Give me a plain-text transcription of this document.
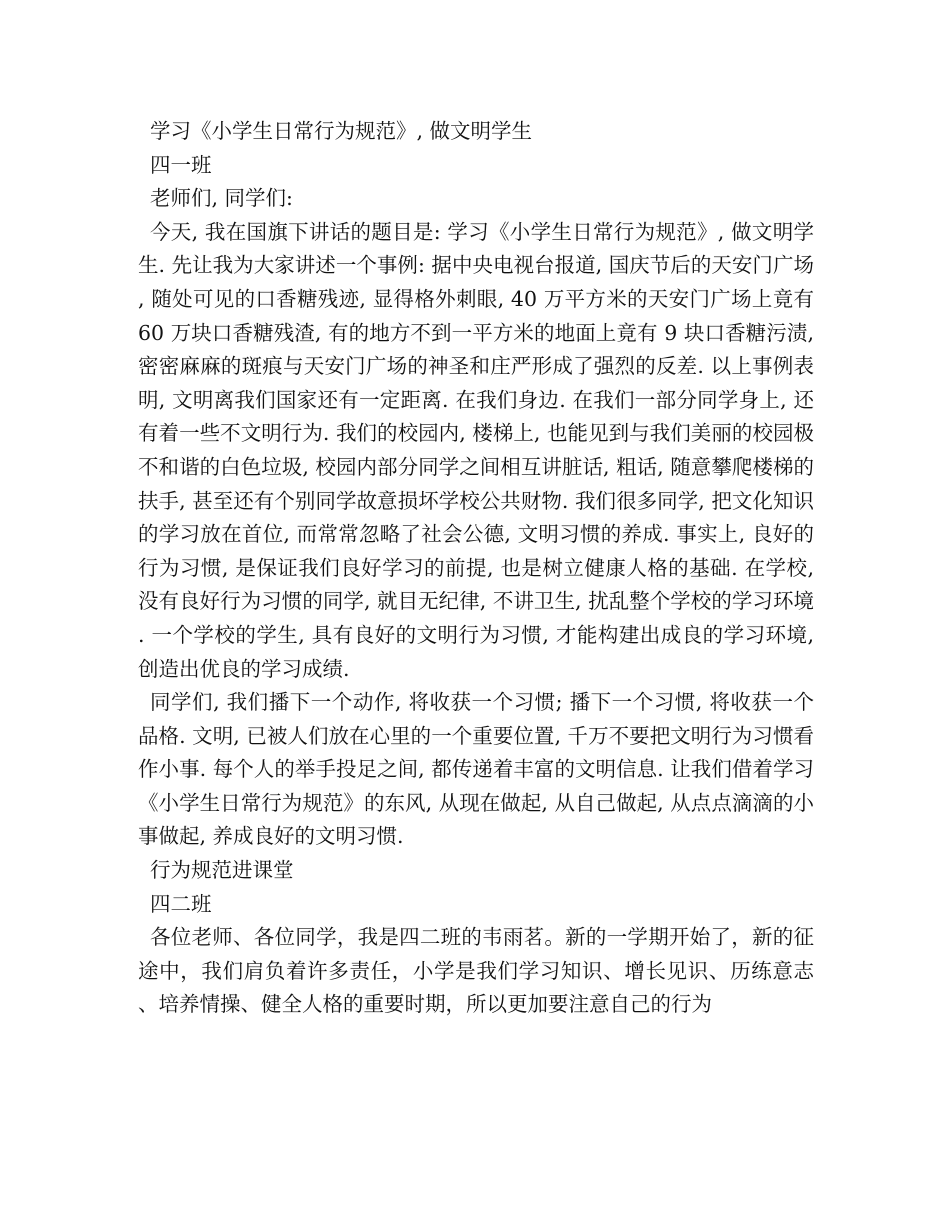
学习《小学生日常行为规范》, 做文明学生

四一班

老师们, 同学们:

今天, 我在国旗下讲话的题目是: 学习《小学生日常行为规范》, 做文明学生. 先让我为大家讲述一个事例: 据中央电视台报道, 国庆节后的天安门广场, 随处可见的口香糖残迹, 显得格外刺眼, 40 万平方米的天安门广场上竟有 60 万块口香糖残渣, 有的地方不到一平方米的地面上竟有 9 块口香糖污渍, 密密麻麻的斑痕与天安门广场的神圣和庄严形成了强烈的反差. 以上事例表明, 文明离我们国家还有一定距离. 在我们身边. 在我们一部分同学身上, 还有着一些不文明行为. 我们的校园内, 楼梯上, 也能见到与我们美丽的校园极不和谐的白色垃圾, 校园内部分同学之间相互讲脏话, 粗话, 随意攀爬楼梯的扶手, 甚至还有个别同学故意损坏学校公共财物. 我们很多同学, 把文化知识的学习放在首位, 而常常忽略了社会公德, 文明习惯的养成. 事实上, 良好的行为习惯, 是保证我们良好学习的前提, 也是树立健康人格的基础. 在学校, 没有良好行为习惯的同学, 就目无纪律, 不讲卫生, 扰乱整个学校的学习环境. 一个学校的学生, 具有良好的文明行为习惯, 才能构建出成良的学习环境, 创造出优良的学习成绩.

同学们, 我们播下一个动作, 将收获一个习惯; 播下一个习惯, 将收获一个品格. 文明, 已被人们放在心里的一个重要位置, 千万不要把文明行为习惯看作小事. 每个人的举手投足之间, 都传递着丰富的文明信息. 让我们借着学习《小学生日常行为规范》的东风, 从现在做起, 从自己做起, 从点点滴滴的小事做起, 养成良好的文明习惯.

行为规范进课堂

四二班

各位老师、各位同学，我是四二班的韦雨茗。新的一学期开始了，新的征途中，我们肩负着许多责任，小学是我们学习知识、增长见识、历练意志、培养情操、健全人格的重要时期，所以更加要注意自己的行为
